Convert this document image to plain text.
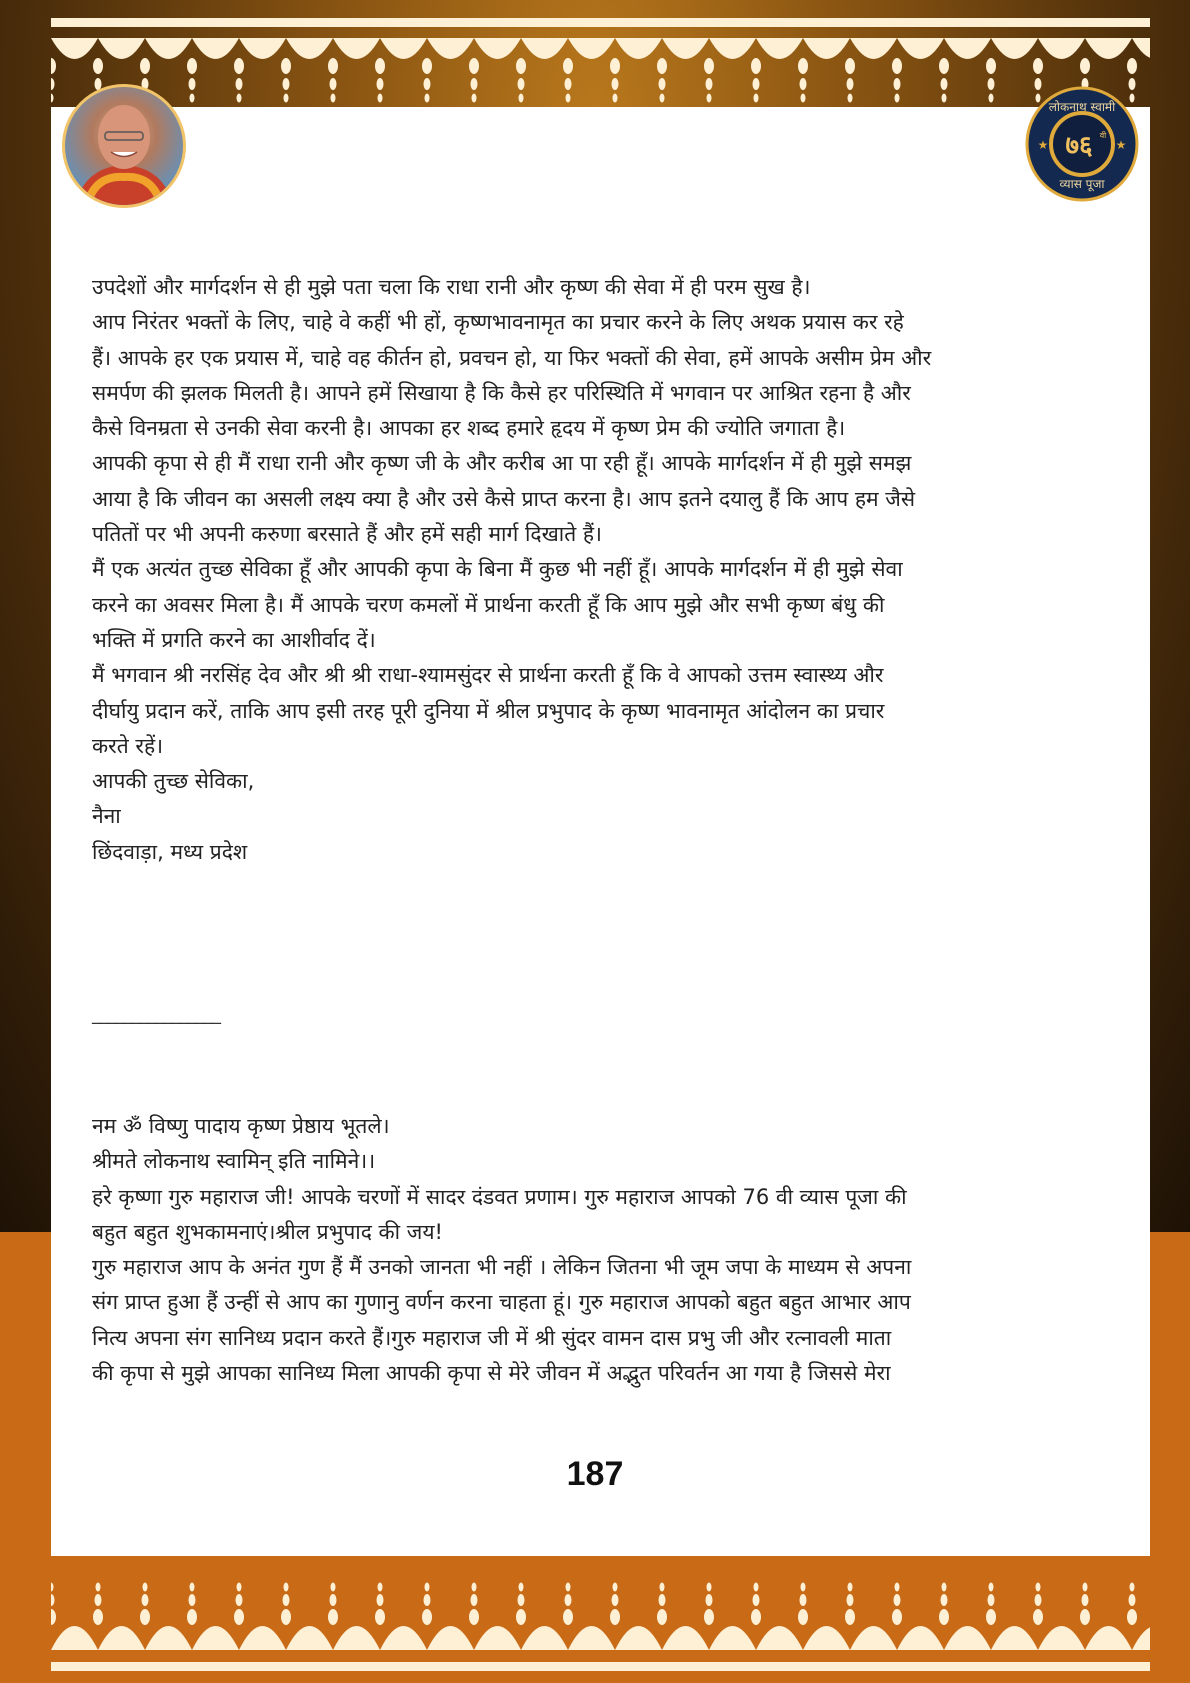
★	★
लोकनाथ स्वामी
७६ वी
व्यास पूजा
उपदेशों और मार्गदर्शन से ही मुझे पता चला कि राधा रानी और कृष्ण की सेवा में ही परम सुख है।
आप निरंतर भक्तों के लिए, चाहे वे कहीं भी हों, कृष्णभावनामृत का प्रचार करने के लिए अथक प्रयास कर रहे
हैं। आपके हर एक प्रयास में, चाहे वह कीर्तन हो, प्रवचन हो, या फिर भक्तों की सेवा, हमें आपके असीम प्रेम और
समर्पण की झलक मिलती है। आपने हमें सिखाया है कि कैसे हर परिस्थिति में भगवान पर आश्रित रहना है और
कैसे विनम्रता से उनकी सेवा करनी है। आपका हर शब्द हमारे हृदय में कृष्ण प्रेम की ज्योति जगाता है।
आपकी कृपा से ही मैं राधा रानी और कृष्ण जी के और करीब आ पा रही हूँ। आपके मार्गदर्शन में ही मुझे समझ
आया है कि जीवन का असली लक्ष्य क्या है और उसे कैसे प्राप्त करना है। आप इतने दयालु हैं कि आप हम जैसे
पतितों पर भी अपनी करुणा बरसाते हैं और हमें सही मार्ग दिखाते हैं।
मैं एक अत्यंत तुच्छ सेविका हूँ और आपकी कृपा के बिना मैं कुछ भी नहीं हूँ। आपके मार्गदर्शन में ही मुझे सेवा
करने का अवसर मिला है। मैं आपके चरण कमलों में प्रार्थना करती हूँ कि आप मुझे और सभी कृष्ण बंधु की
भक्ति में प्रगति करने का आशीर्वाद दें।
मैं भगवान श्री नरसिंह देव और श्री श्री राधा-श्यामसुंदर से प्रार्थना करती हूँ कि वे आपको उत्तम स्वास्थ्य और
दीर्घायु प्रदान करें, ताकि आप इसी तरह पूरी दुनिया में श्रील प्रभुपाद के कृष्ण भावनामृत आंदोलन का प्रचार
करते रहें।
आपकी तुच्छ सेविका,
नैना
छिंदवाड़ा, मध्य प्रदेश
________________
नम ॐ विष्णु पादाय कृष्ण प्रेष्ठाय भूतले।
श्रीमते लोकनाथ स्वामिन् इति नामिने।।
हरे कृष्णा गुरु महाराज जी! आपके चरणों में सादर दंडवत प्रणाम। गुरु महाराज आपको 76 वी व्यास पूजा की
बहुत बहुत शुभकामनाएं।श्रील प्रभुपाद की जय!
गुरु महाराज आप के अनंत गुण हैं मैं उनको जानता भी नहीं । लेकिन जितना भी जूम जपा के माध्यम से अपना
संग प्राप्त हुआ हैं उन्हीं से आप का गुणानु वर्णन करना चाहता हूं। गुरु महाराज आपको बहुत बहुत आभार आप
नित्य अपना संग सानिध्य प्रदान करते हैं।गुरु महाराज जी में श्री सुंदर वामन दास प्रभु जी और रत्नावली माता
की कृपा से मुझे आपका सानिध्य मिला आपकी कृपा से मेरे जीवन में अद्भुत परिवर्तन आ गया है जिससे मेरा
187
